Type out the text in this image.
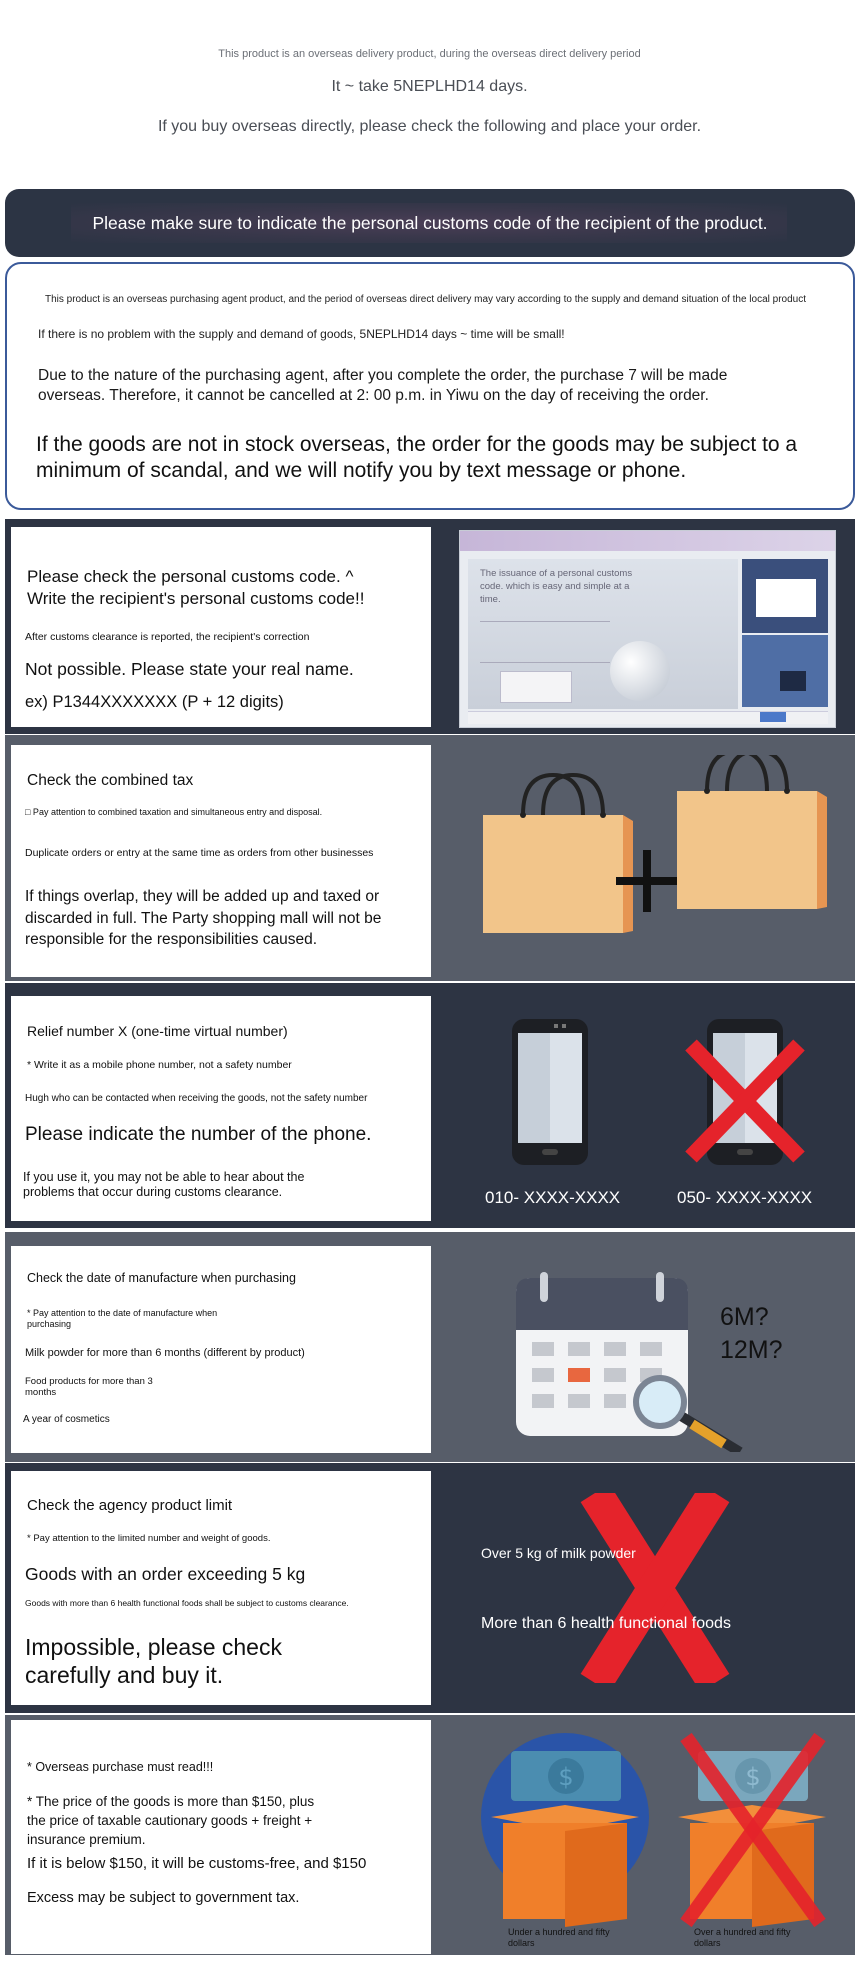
This product is an overseas delivery product, during the overseas direct delivery period
It ~ take 5NEPLHD14 days.
If you buy overseas directly, please check the following and place your order.
Please make sure to indicate the personal customs code of the recipient of the product.
This product is an overseas purchasing agent product, and the period of overseas direct delivery may vary according to the supply and demand situation of the local product
If there is no problem with the supply and demand of goods, 5NEPLHD14 days ~ time will be small!
Due to the nature of the purchasing agent, after you complete the order, the purchase 7 will be made overseas. Therefore, it cannot be cancelled at 2: 00 p.m. in Yiwu on the day of receiving the order.
If the goods are not in stock overseas, the order for the goods may be subject to a minimum of scandal, and we will notify you by text message or phone.
Please check the personal customs code. ^
Write the recipient's personal customs code!!
After customs clearance is reported, the recipient's correction
Not possible. Please state your real name.
ex) P1344XXXXXXX (P + 12 digits)
The issuance of a personal customs code. which is easy and simple at a time.
Check the combined tax
□ Pay attention to combined taxation and simultaneous entry and disposal.
Duplicate orders or entry at the same time as orders from other businesses
If things overlap, they will be added up and taxed or discarded in full. The Party shopping mall will not be responsible for the responsibilities caused.
Relief number X (one-time virtual number)
* Write it as a mobile phone number, not a safety number
Hugh who can be contacted when receiving the goods, not the safety number
Please indicate the number of the phone.
If you use it, you may not be able to hear about the problems that occur during customs clearance.	010- XXXX-XXXX	050- XXXX-XXXX
Check the date of manufacture when purchasing
* Pay attention to the date of manufacture when purchasing
Milk powder for more than 6 months (different by product)
Food products for more than 3 months
A year of cosmetics
6M?
12M?
Check the agency product limit
* Pay attention to the limited number and weight of goods.
Goods with an order exceeding 5 kg
Goods with more than 6 health functional foods shall be subject to customs clearance.
Impossible, please check carefully and buy it.
Over 5 kg of milk powder
More than 6 health functional foods
* Overseas purchase must read!!!
* The price of the goods is more than $150, plus the price of taxable cautionary goods + freight + insurance premium.
If it is below $150, it will be customs-free, and $150
Excess may be subject to government tax.
$
Under a hundred and fifty dollars
$
Over a hundred and fifty dollars
